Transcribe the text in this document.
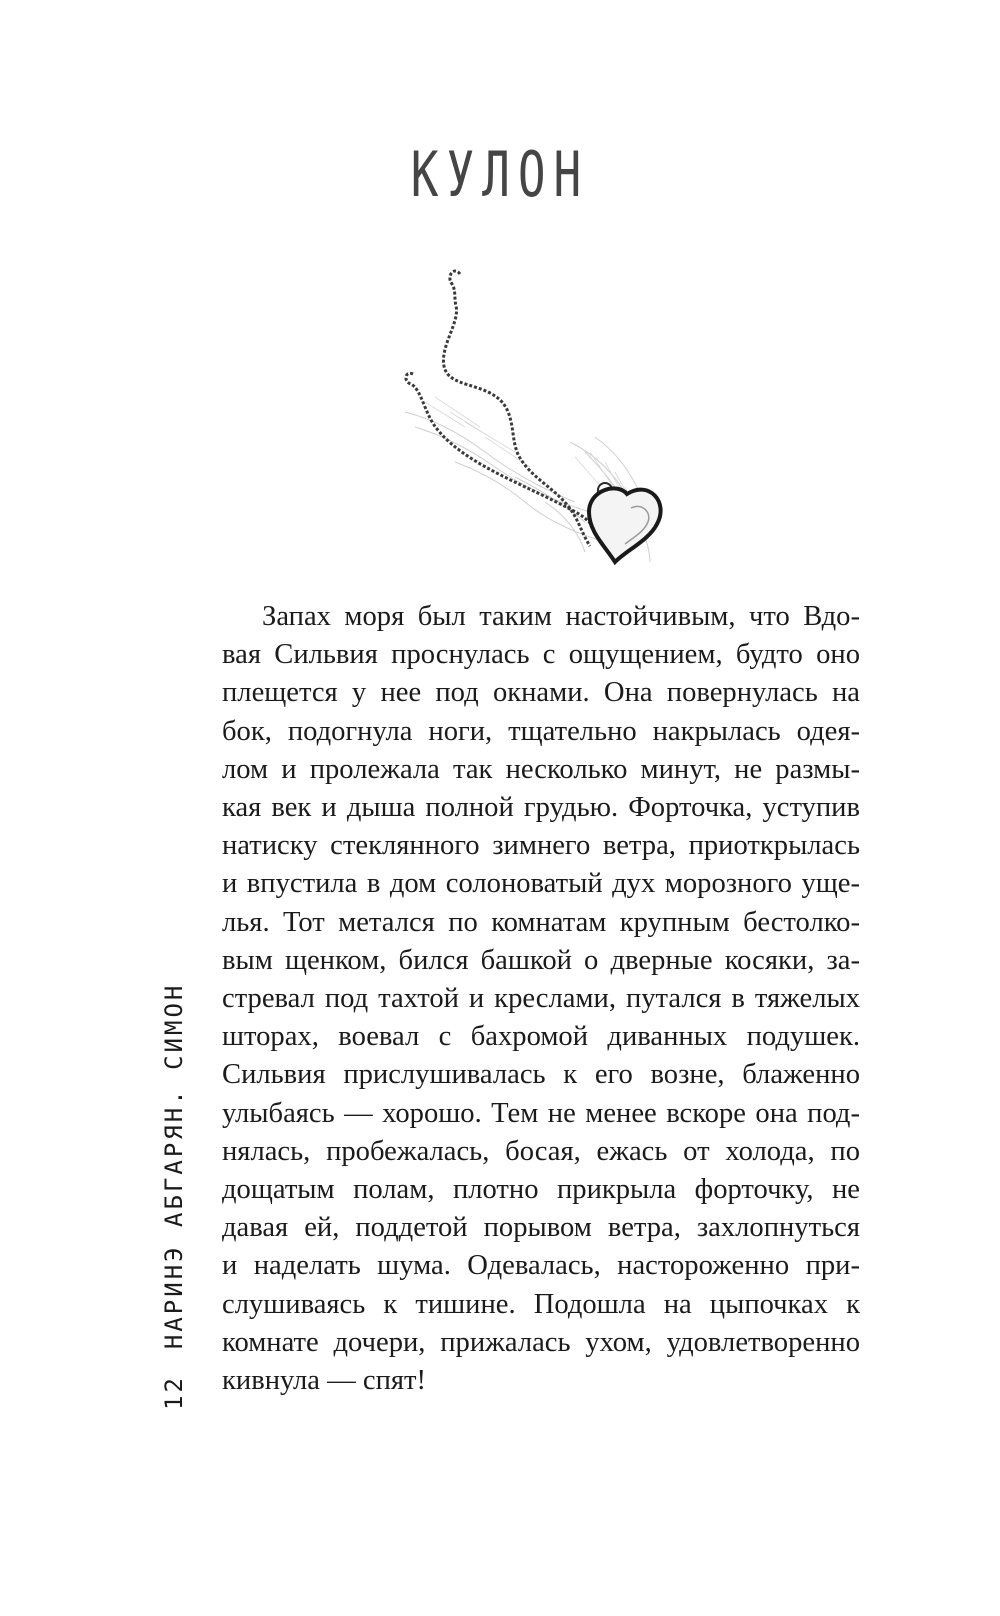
КУЛОН
Запах моря был таким настойчивым, что Вдо-
вая Сильвия проснулась с ощущением, будто оно
плещется у нее под окнами. Она повернулась на
бок, подогнула ноги, тщательно накрылась одея-
лом и пролежала так несколько минут, не размы-
кая век и дыша полной грудью. Форточка, уступив
натиску стеклянного зимнего ветра, приоткрылась
и впустила в дом солоноватый дух морозного уще-
лья. Тот метался по комнатам крупным бестолко-
вым щенком, бился башкой о дверные косяки, за-
стревал под тахтой и креслами, путался в тяжелых
шторах, воевал с бахромой диванных подушек.
Сильвия прислушивалась к его возне, блаженно
улыбаясь — хорошо. Тем не менее вскоре она под-
нялась, пробежалась, босая, ежась от холода, по
дощатым полам, плотно прикрыла форточку, не
давая ей, поддетой порывом ветра, захлопнуться
и наделать шума. Одевалась, настороженно при-
слушиваясь к тишине. Подошла на цыпочках к
комнате дочери, прижалась ухом, удовлетворенно
кивнула — спят!
12НАРИНЭ АБГАРЯН. СИМОН
